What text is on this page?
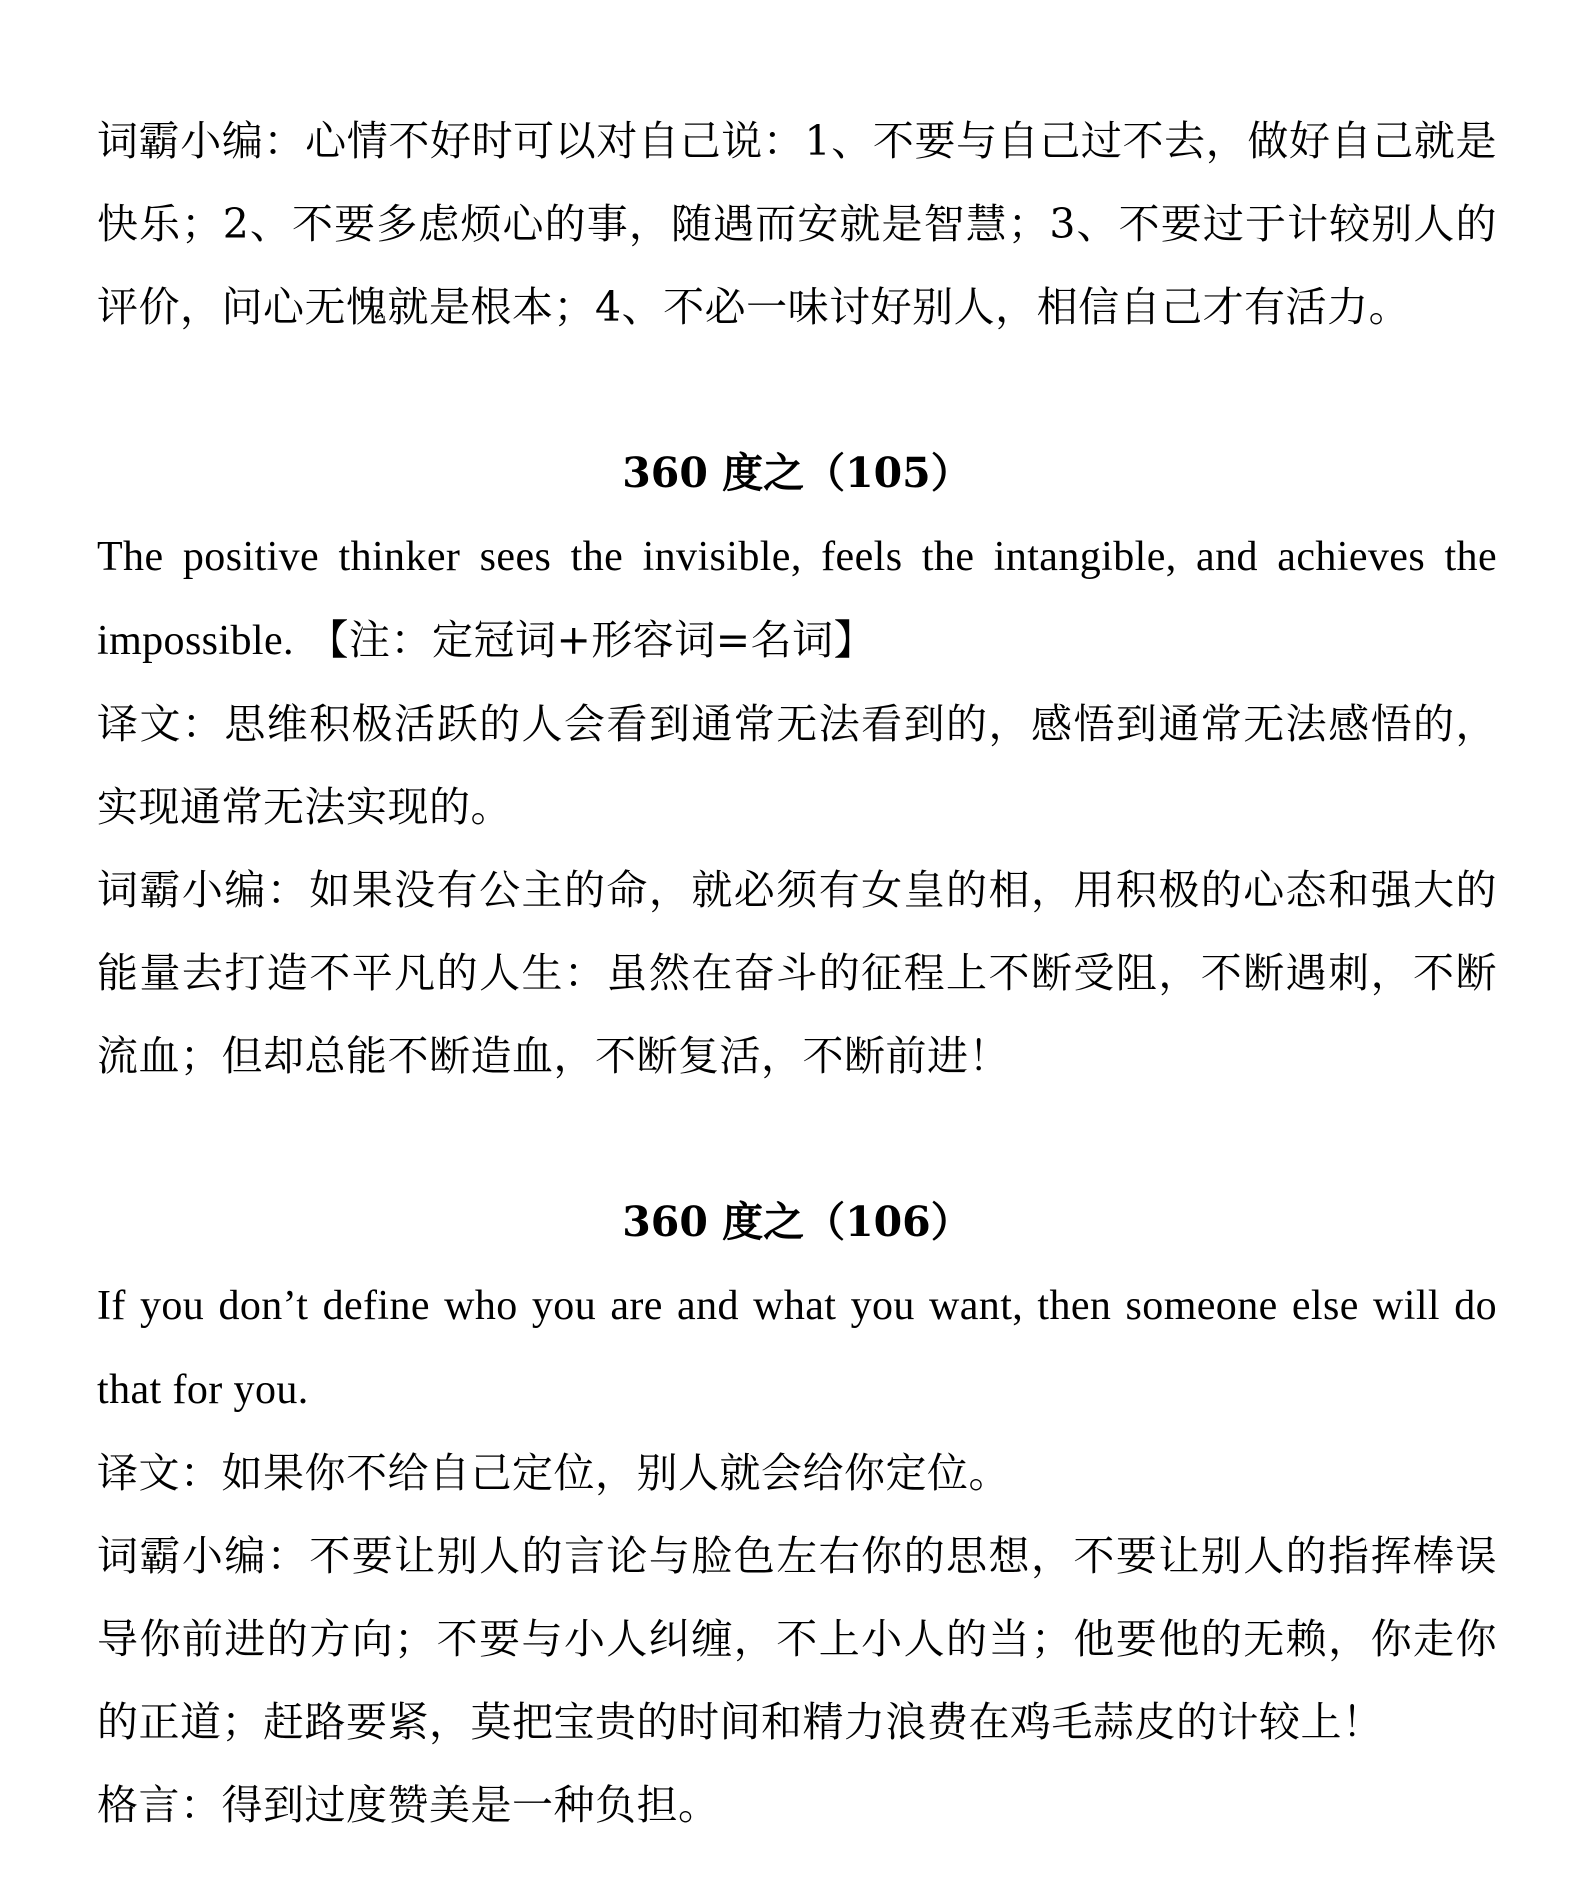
词霸小编：心情不好时可以对自己说：1、不要与自己过不去，做好自己就是快乐；2、不要多虑烦心的事，随遇而安就是智慧；3、不要过于计较别人的评价，问心无愧就是根本；4、不必一味讨好别人，相信自己才有活力。

360 度之（105）

The positive thinker sees the invisible, feels the intangible, and achieves the impossible. 【注：定冠词+形容词=名词】

译文：思维积极活跃的人会看到通常无法看到的，感悟到通常无法感悟的，实现通常无法实现的。

词霸小编：如果没有公主的命，就必须有女皇的相，用积极的心态和强大的能量去打造不平凡的人生：虽然在奋斗的征程上不断受阻，不断遇刺，不断流血；但却总能不断造血，不断复活，不断前进！

360 度之（106）

If you don’t define who you are and what you want, then someone else will do that for you.

译文：如果你不给自己定位，别人就会给你定位。

词霸小编：不要让别人的言论与脸色左右你的思想，不要让别人的指挥棒误导你前进的方向；不要与小人纠缠，不上小人的当；他要他的无赖，你走你的正道；赶路要紧，莫把宝贵的时间和精力浪费在鸡毛蒜皮的计较上！

格言：得到过度赞美是一种负担。
